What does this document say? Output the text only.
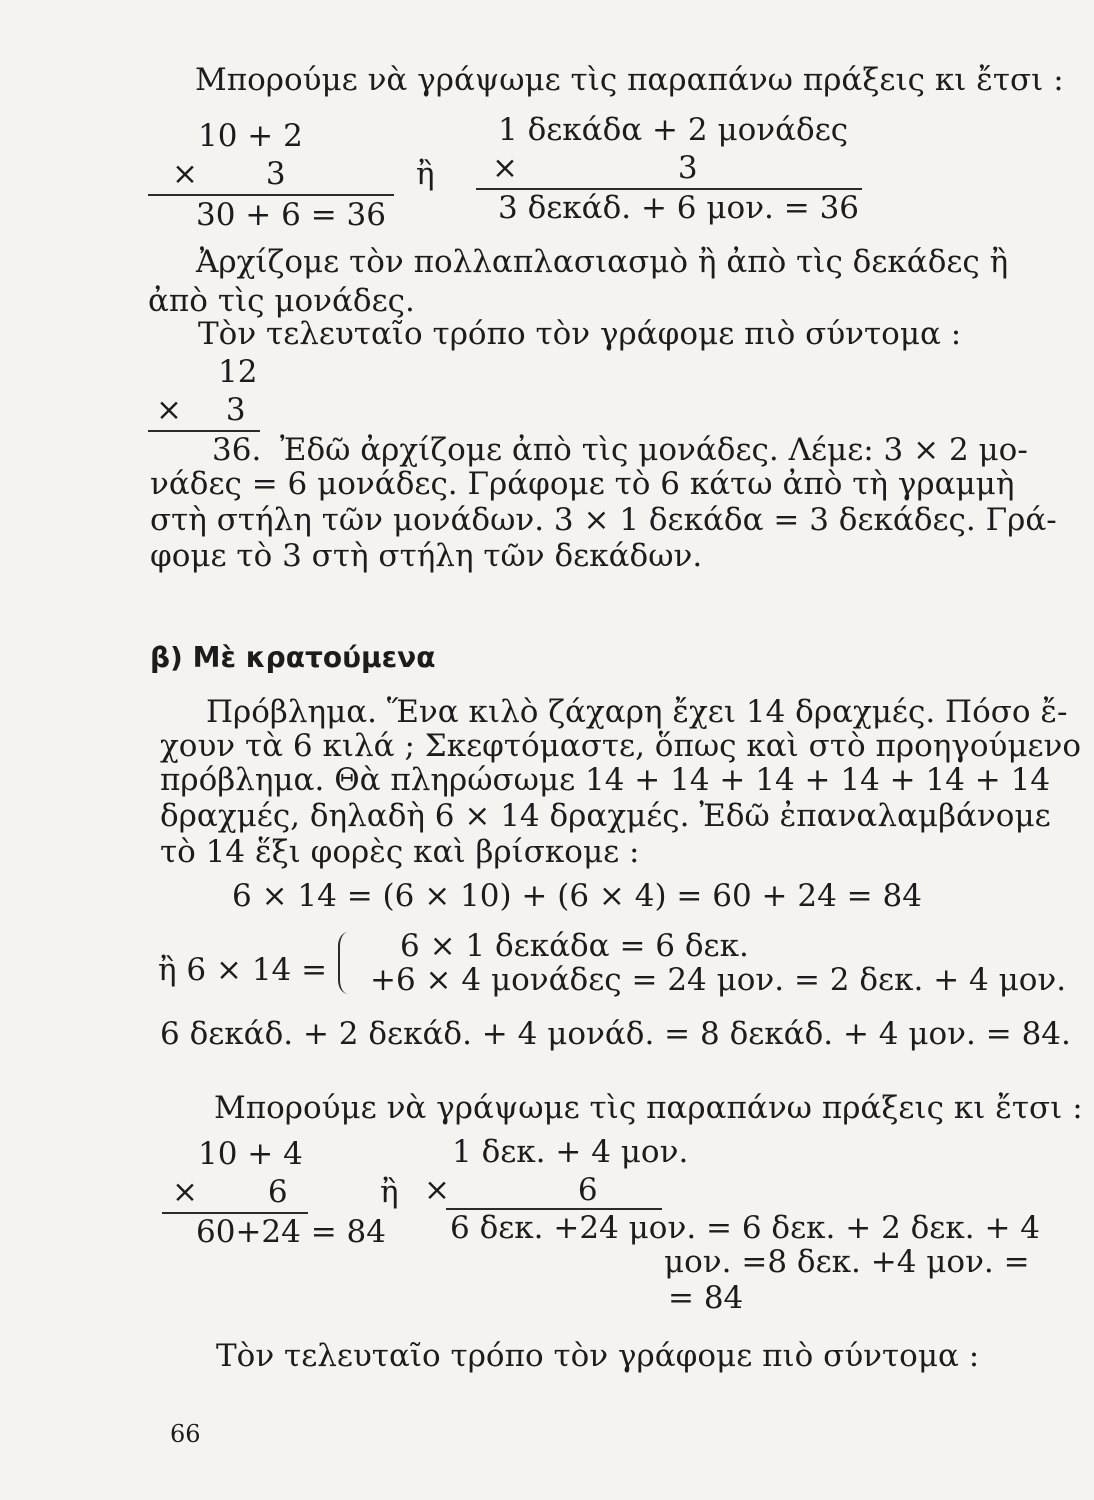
Μπορούμε νὰ γράψωμε τὶς παραπάνω πράξεις κι ἔτσι :
10 + 2
× 3
30 + 6 = 36
ἢ
1 δεκάδα + 2 μονάδες
× 3
3 δεκάδ. + 6 μον. = 36
Ἀρχίζομε τὸν πολλαπλασιασμὸ ἢ ἀπὸ τὶς δεκάδες ἢ
ἀπὸ τὶς μονάδες.
Τὸν τελευταῖο τρόπο τὸν γράφομε πιὸ σύντομα :
12
× 3
36. Ἐδῶ ἀρχίζομε ἀπὸ τὶς μονάδες. Λέμε: 3 × 2 μο-
νάδες = 6 μονάδες. Γράφομε τὸ 6 κάτω ἀπὸ τὴ γραμμὴ
στὴ στήλη τῶν μονάδων. 3 × 1 δεκάδα = 3 δεκάδες. Γρά-
φομε τὸ 3 στὴ στήλη τῶν δεκάδων.
β) Μὲ κρατούμενα
Πρόβλημα. Ἕνα κιλὸ ζάχαρη ἔχει 14 δραχμές. Πόσο ἔ-
χουν τὰ 6 κιλά ; Σκεφτόμαστε, ὅπως καὶ στὸ προηγούμενο
πρόβλημα. Θὰ πληρώσωμε 14 + 14 + 14 + 14 + 14 + 14
δραχμές, δηλαδὴ 6 × 14 δραχμές. Ἐδῶ ἐπαναλαμβάνομε
τὸ 14 ἕξι φορὲς καὶ βρίσκομε :
6 × 14 = (6 × 10) + (6 × 4) = 60 + 24 = 84
ἢ 6 × 14 =
6 × 1 δεκάδα = 6 δεκ.
+6 × 4 μονάδες = 24 μον. = 2 δεκ. + 4 μον.
6 δεκάδ. + 2 δεκάδ. + 4 μονάδ. = 8 δεκάδ. + 4 μον. = 84.
Μπορούμε νὰ γράψωμε τὶς παραπάνω πράξεις κι ἔτσι :
10 + 4
× 6
60+24 = 84
ἢ
1 δεκ. + 4 μον.
× 6
6 δεκ. +24 μον. = 6 δεκ. + 2 δεκ. + 4
μον. =8 δεκ. +4 μον. =
= 84
Τὸν τελευταῖο τρόπο τὸν γράφομε πιὸ σύντομα :
66
